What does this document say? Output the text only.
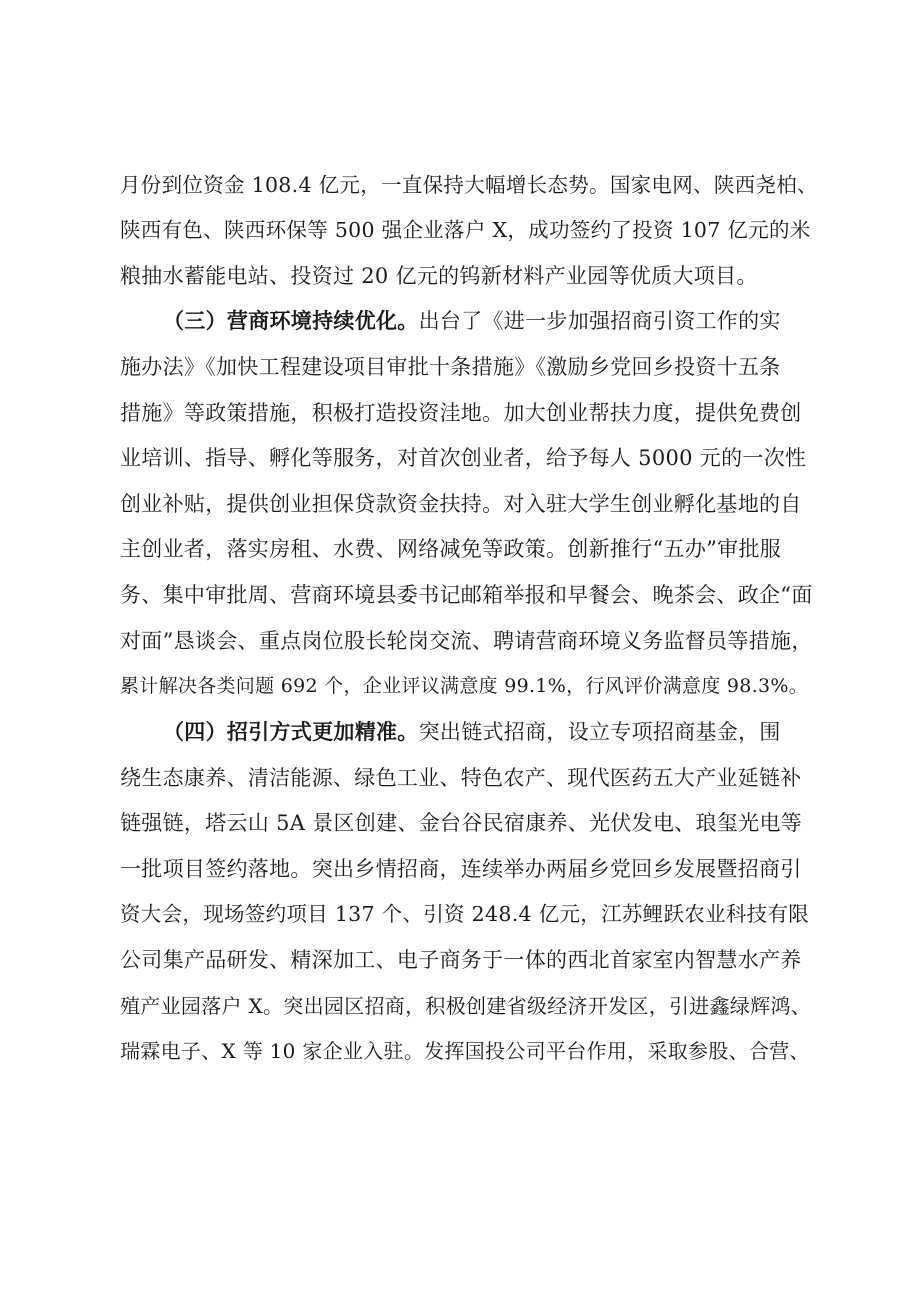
月份到位资金 108.4 亿元，一直保持大幅增长态势。国家电网、陕西尧柏、
陕西有色、陕西环保等 500 强企业落户 X，成功签约了投资 107 亿元的米
粮抽水蓄能电站、投资过 20 亿元的钨新材料产业园等优质大项目。
（三）营商环境持续优化。出台了《进一步加强招商引资工作的实
施办法》《加快工程建设项目审批十条措施》《激励乡党回乡投资十五条
措施》等政策措施，积极打造投资洼地。加大创业帮扶力度，提供免费创
业培训、指导、孵化等服务，对首次创业者，给予每人 5000 元的一次性
创业补贴，提供创业担保贷款资金扶持。对入驻大学生创业孵化基地的自
主创业者，落实房租、水费、网络减免等政策。创新推行“五办”审批服
务、集中审批周、营商环境县委书记邮箱举报和早餐会、晚茶会、政企“面
对面”恳谈会、重点岗位股长轮岗交流、聘请营商环境义务监督员等措施，
累计解决各类问题 692 个，企业评议满意度 99.1%，行风评价满意度 98.3%。
（四）招引方式更加精准。突出链式招商，设立专项招商基金，围
绕生态康养、清洁能源、绿色工业、特色农产、现代医药五大产业延链补
链强链，塔云山 5A 景区创建、金台谷民宿康养、光伏发电、琅玺光电等
一批项目签约落地。突出乡情招商，连续举办两届乡党回乡发展暨招商引
资大会，现场签约项目 137 个、引资 248.4 亿元，江苏鲤跃农业科技有限
公司集产品研发、精深加工、电子商务于一体的西北首家室内智慧水产养
殖产业园落户 X。突出园区招商，积极创建省级经济开发区，引进鑫绿辉鸿、
瑞霖电子、X 等 10 家企业入驻。发挥国投公司平台作用，采取参股、合营、
